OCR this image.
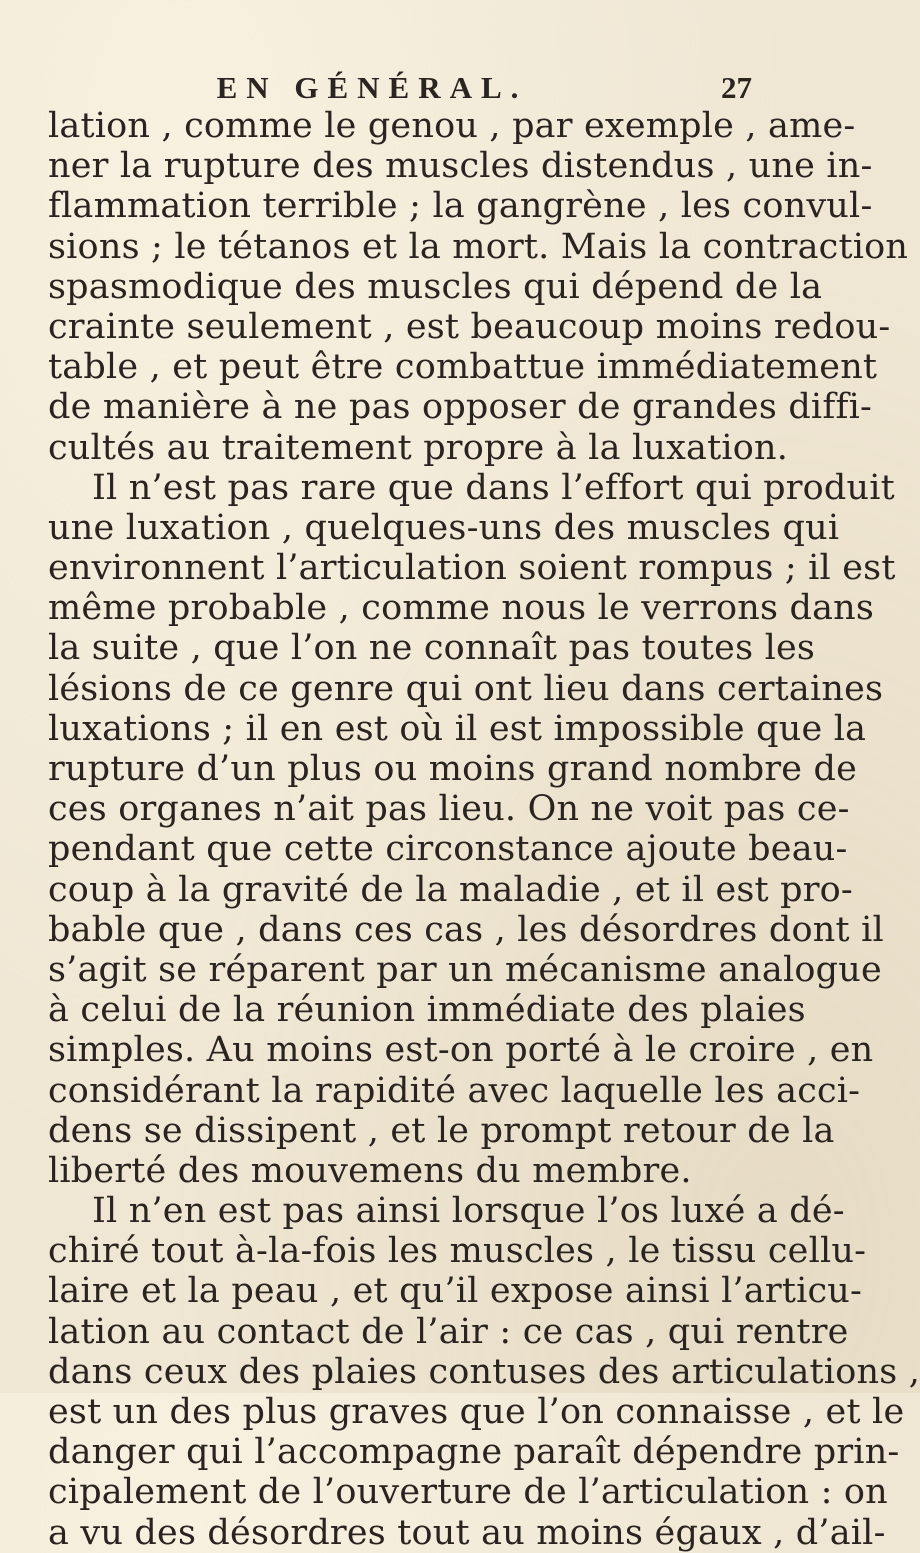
EN GÉNÉRAL.	27
lation , comme le genou , par exemple , ame-
ner la rupture des muscles distendus , une in-
flammation terrible ; la gangrène , les convul-
sions ; le tétanos et la mort. Mais la contraction
spasmodique des muscles qui dépend de la
crainte seulement , est beaucoup moins redou-
table , et peut être combattue immédiatement
de manière à ne pas opposer de grandes diffi-
cultés au traitement propre à la luxation.
Il n’est pas rare que dans l’effort qui produit
une luxation , quelques-uns des muscles qui
environnent l’articulation soient rompus ; il est
même probable , comme nous le verrons dans
la suite , que l’on ne connaît pas toutes les
lésions de ce genre qui ont lieu dans certaines
luxations ; il en est où il est impossible que la
rupture d’un plus ou moins grand nombre de
ces organes n’ait pas lieu. On ne voit pas ce-
pendant que cette circonstance ajoute beau-
coup à la gravité de la maladie , et il est pro-
bable que , dans ces cas , les désordres dont il
s’agit se réparent par un mécanisme analogue
à celui de la réunion immédiate des plaies
simples. Au moins est-on porté à le croire , en
considérant la rapidité avec laquelle les acci-
dens se dissipent , et le prompt retour de la
liberté des mouvemens du membre.
Il n’en est pas ainsi lorsque l’os luxé a dé-
chiré tout à-la-fois les muscles , le tissu cellu-
laire et la peau , et qu’il expose ainsi l’articu-
lation au contact de l’air : ce cas , qui rentre
dans ceux des plaies contuses des articulations ,
est un des plus graves que l’on connaisse , et le
danger qui l’accompagne paraît dépendre prin-
cipalement de l’ouverture de l’articulation : on
a vu des désordres tout au moins égaux , d’ail-
